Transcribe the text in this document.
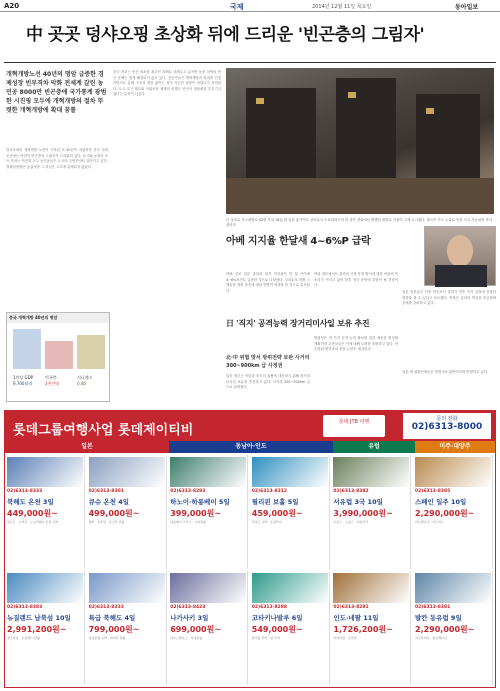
A20	국제	2014년 12월 11일 목요일	동아일보
中 곳곳 덩샤오핑 초상화 뒤에 드리운 '빈곤층의 그림자'
개혁개방노선 40년의 명암 급증한 경제성장 빈부격차 악화 전세계 갈린 농민공 8000만 빈곤층에 국가통계 광범한 시진핑 모두에 개혁개방의 절차 뚜렷한 개혁개방에 확대 꿈틀
덩샤오핑의 개혁개방 노선이 시작된 지 40년이 지났지만 중국 사회 곳곳에는 여전히 빈곤층의 그림자가 드리워져 있다. 도시와 농촌의 소득 격차는 여전히 크고 농민공들은 도시의 주변부에서 살아가고 있다. 경제성장률은 높았지만 그 과실은 고르게 분배되지 않았다.
중국 개혁개방 40년의 명암
1인당 GDP
9,700달러
빈곤층
3천만명
지니계수
0.46
중국 정부는 빈곤 퇴치를 최우선 과제로 내세우고 있지만 농촌 지역의 빈곤 문제는 쉽게 해결되지 않고 있다. 전문가들은 개혁개방의 성과를 인정하면서도 분배 구조의 개선 없이는 지속 가능한 성장이 어렵다고 지적한다. 도시 호구 제도와 사회보장 체계의 차별도 빈곤의 대물림을 부추기고 있다는 분석이 나온다.
日 삿포로 가스폭발로 42명 부상 16일 밤 일본 홋카이도 삿포로시 도요히라구의 한 상가 건물에서 발생한 폭발로 건물이 크게 무너졌다. 당국은 가스 누출로 인한 사고 가능성을 조사 중이다.
아베 지지율 한달새 4~6%P 급락
아베 신조 일본 총리의 내각 지지율이 한 달 사이에 4~6%포인트 급락한 것으로 나타났다. 모리토모 학원 스캔들과 개헌 추진에 대한 반발이 영향을 준 것으로 분석된다.
여당 내부에서도 총리의 국정 운영 방식에 대한 비판의 목소리가 커지고 있어 향후 정국 운영에 부담이 될 전망이다.
일본 언론들은 이번 여론조사 결과가 향후 선거 일정에 상당한 영향을 줄 수 있다고 보도했다. 야당은 총리의 책임을 추궁하며 공세를 강화하고 있다.
日 '직지' 공격능력 장거리미사일 보유 추진
北·中 위협 맞서 방위전략 보완 사거리 300~900km 급 사정권
일본 정부는 북한과 중국의 위협에 대응하기 위해 장거리 미사일 보유를 추진하고 있다. 사거리 300~900km 급으로 알려졌다.
방위성은 적 기지 공격 능력 확보를 위한 예산을 편성할 계획이며 주변국들은 이에 대해 우려를 표명하고 있다. 전수방위 원칙과의 충돌 논란도 예상된다.
일본 내 평화단체들은 헌법 9조 위반이라며 반발하고 있다.
롯데그룹여행사업 롯데제이티비
롯데 JTB 여행	문의 전화
02)6313-8000
일본	동남아·인도	유럽	미주·대양주
02)6313-8333
북해도 온천 3일
449,000원~
삿포로 · 오타루 · 노보리베츠 온천 숙박
02)6313-8301
큐슈 온천 4일
499,000원~
벳부 · 유후인 · 아소산 관광
02)6313-8293
하노이·하롱베이 5일
399,000원~
하롱베이 크루즈 · 시내관광
02)6313-8312
필리핀 보홀 5일
459,000원~
리조트 숙박 · 호핑투어
02)6313-8382
서유럽 3국 10일
3,990,000원~
프랑스 · 스위스 · 이탈리아
02)6313-8385
스페인 일주 10일
2,290,000원~
바르셀로나 · 마드리드
02)6313-8383
뉴질랜드 남북섬 10일
2,991,200원~
퀸스타운 · 오클랜드 관광
02)6313-8333
특급 북해도 4일
799,000원~
특급호텔 숙박 · 비에이 관광
02)6313-8423
나가사키 3일
699,000원~
하우스텐보스 · 시내관광
02)6313-8298
코타키나발루 6일
549,000원~
반딧불 투어 · 섬 투어
02)6313-8291
인도·네팔 11일
1,726,200원~
타지마할 · 포카라
02)6313-8381
발칸 동유럽 9일
2,290,000원~
크로아티아 · 슬로베니아
